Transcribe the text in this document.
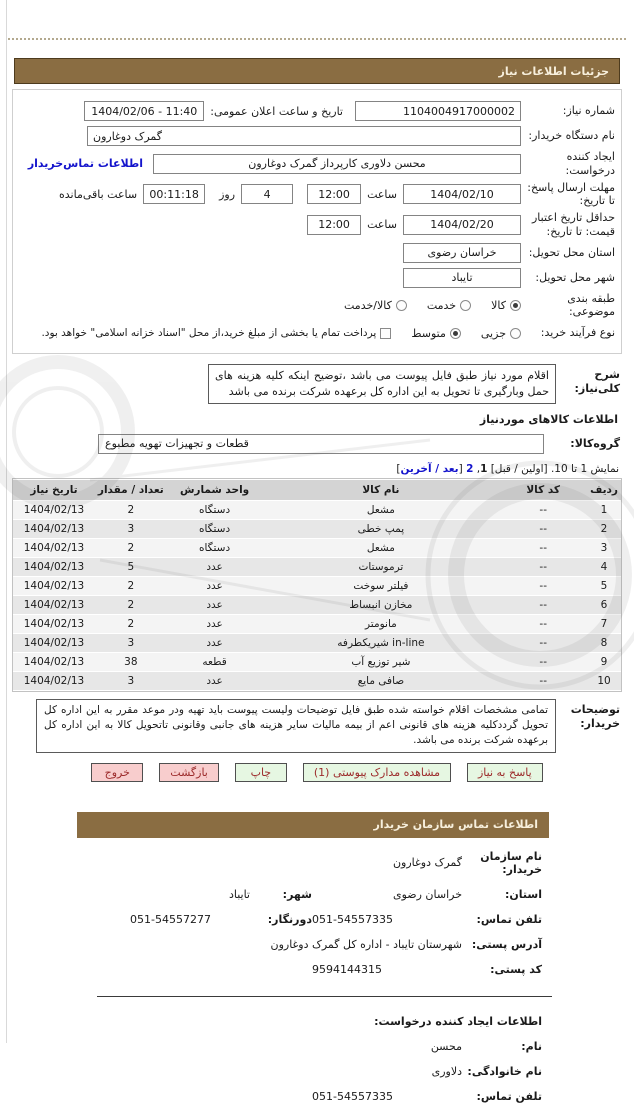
جزئیات اطلاعات نیاز
شماره نیاز:
1104004917000002
تاریخ و ساعت اعلان عمومی:
1404/02/06 - 11:40
نام دستگاه خریدار:
گمرک دوغارون
ایجاد کننده درخواست:
محسن دلاوری کارپرداز گمرک دوغارون
اطلاعات تماس‌خریدار
مهلت ارسال پاسخ: تا تاریخ:
1404/02/10
ساعت
12:00
4
روز
00:11:18
ساعت باقی‌مانده
حداقل تاریخ اعتبار قیمت: تا تاریخ:
1404/02/20
ساعت
12:00
استان محل تحویل:
خراسان رضوی
شهر محل تحویل:
تایباد
طبقه بندی موضوعی:
کالا
خدمت
کالا/خدمت
نوع فرآیند خرید:
جزیی
متوسط
پرداخت تمام یا بخشی از مبلغ خرید،از محل "اسناد خزانه اسلامی" خواهد بود.
شرح کلی‌نیاز:
اقلام مورد نیاز طبق فایل پیوست می باشد ،توضیح اینکه کلیه هزینه های حمل وبارگیری تا تحویل به این اداره کل برعهده شرکت برنده می باشد
اطلاعات کالاهای موردنیاز
گروه‌کالا:
قطعات و تجهیزات تهویه مطبوع
نمایش 1 تا 10. [اولین / قبل] 1, 2 [بعد / آخرین]
ردیف	کد کالا	نام کالا	واحد شمارش	تعداد / مقدار	تاریخ نیاز
1	--	مشعل	دستگاه	2	1404/02/13
2	--	پمپ خطی	دستگاه	3	1404/02/13
3	--	مشعل	دستگاه	2	1404/02/13
4	--	ترموستات	عدد	5	1404/02/13
5	--	فیلتر سوخت	عدد	2	1404/02/13
6	--	مخازن انبساط	عدد	2	1404/02/13
7	--	مانومتر	عدد	2	1404/02/13
8	--	شیریکطرفه in-line	عدد	3	1404/02/13
9	--	شیر توزیع آب	قطعه	38	1404/02/13
10	--	صافی مایع	عدد	3	1404/02/13
توضیحات خریدار:
تمامی مشخصات اقلام خواسته شده طبق فایل توضیحات ولیست پیوست باید تهیه ودر موعد مقرر به این اداره کل تحویل گرددکلیه هزینه های قانونی اعم از بیمه مالیات سایر هزینه های جانبی وقانونی تاتحویل کالا به این اداره کل برعهده شرکت برنده می باشد.
پاسخ به نیاز
مشاهده مدارک پیوستی (1)
چاپ
بازگشت
خروج
اطلاعات تماس سازمان خریدار
نام سازمان خریدار:
گمرک دوغارون
استان:
خراسان رضوی
شهر:
تایباد
تلفن تماس:
051-54557335
دورنگار:
051-54557277
آدرس پستی:
شهرستان تایباد - اداره کل گمرک دوغارون
کد پستی:
9594144315
اطلاعات ایجاد کننده درخواست:
نام:
محسن
نام خانوادگی:
دلاوری
تلفن تماس:
051-54557335
